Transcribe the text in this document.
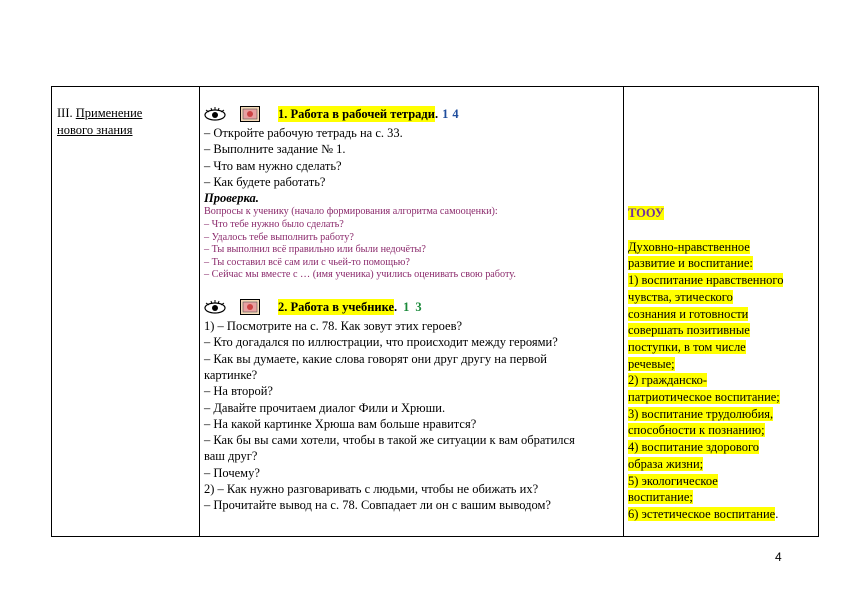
III. Применение
нового знания
1. Работа в рабочей тетради . 1 4
– Откройте рабочую тетрадь на с. 33.
– Выполните задание № 1.
– Что вам нужно сделать?
– Как будете работать?
Проверка.
Вопросы к ученику (начало формирования алгоритма самооценки):
– Что тебе нужно было сделать?
– Удалось тебе выполнить работу?
– Ты выполнил всё правильно или были недочёты?
– Ты составил всё сам или с чьей-то помощью?
– Сейчас мы вместе с … (имя ученика) учились оценивать свою работу.
2. Работа в учебнике . 1 3
1) – Посмотрите на с. 78. Как зовут этих героев?
– Кто догадался по иллюстрации, что происходит между героями?
– Как вы думаете, какие слова говорят они друг другу на первой
картинке?
– На второй?
– Давайте прочитаем диалог Фили и Хрюши.
– На какой картинке Хрюша вам больше нравится?
– Как бы вы сами хотели, чтобы в такой же ситуации к вам обратился
ваш друг?
– Почему?
2) – Как нужно разговаривать с людьми, чтобы не обижать их?
– Прочитайте вывод на с. 78. Совпадает ли он с вашим выводом?
ТООУ
Духовно-нравственное
развитие и воспитание:
1) воспитание нравственного
чувства, этического
сознания и готовности
совершать позитивные
поступки, в том числе
речевые;
2) гражданско-
патриотическое воспитание;
3) воспитание трудолюбия,
способности к познанию;
4) воспитание здорового
образа жизни;
5) экологическое
воспитание;
6) эстетическое воспитание.
4
